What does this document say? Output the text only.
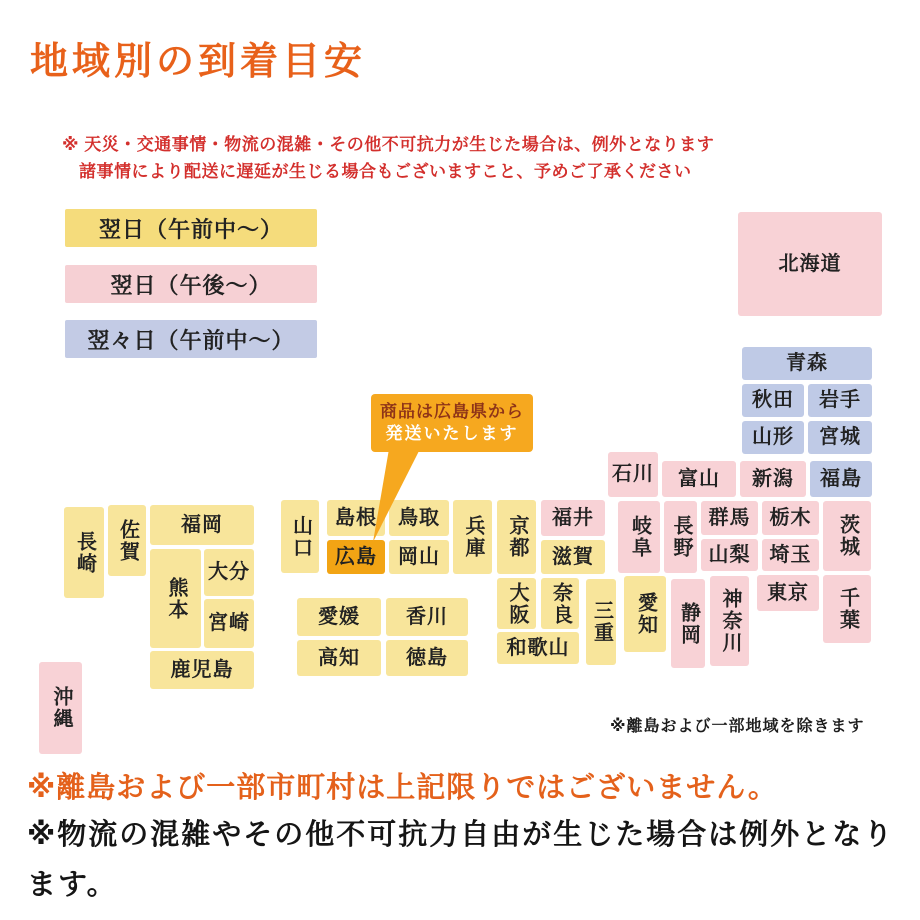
地域別の到着目安
※ 天災・交通事情・物流の混雑・その他不可抗力が生じた場合は、例外となります
諸事情により配送に遅延が生じる場合もございますこと、予めご了承ください
翌日（午前中〜）
翌日（午後〜）
翌々日（午前中〜）
商品は広島県から
発送いたします
※離島および一部地域を除きます
北海道
青森
秋田	岩手
山形	宮城
新潟	福島
石川	富山
岐阜 長野 群馬 栃木	茨城
山梨 埼玉
三重	愛知	静岡 神奈川	東京	千葉
山口	島根	鳥取
広島	岡山	兵庫	京都	福井
滋賀
大阪	奈良
和歌山
愛媛	香川
高知	徳島
長崎	佐賀	福岡
熊本
大分
宮崎
鹿児島
沖縄
※離島および一部市町村は上記限りではございません。
※物流の混雑やその他不可抗力自由が生じた場合は例外となります。
